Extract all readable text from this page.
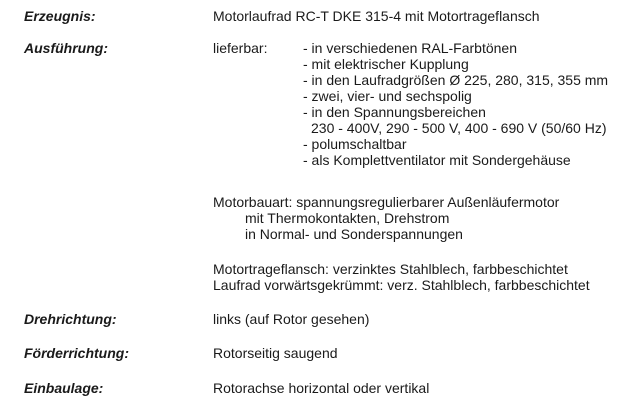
Erzeugnis:	Motorlaufrad RC-T DKE 315-4 mit Motortrageflansch
Ausführung:	lieferbar:	- in verschiedenen RAL-Farbtönen
- mit elektrischer Kupplung
- in den Laufradgrößen Ø 225, 280, 315, 355 mm
- zwei, vier- und sechspolig
- in den Spannungsbereichen
230 - 400V, 290 - 500 V, 400 - 690 V (50/60 Hz)
- polumschaltbar
- als Komplettventilator mit Sondergehäuse
Motorbauart: spannungsregulierbarer Außenläufermotor
mit Thermokontakten, Drehstrom
in Normal- und Sonderspannungen
Motortrageflansch: verzinktes Stahlblech, farbbeschichtet
Laufrad vorwärtsgekrümmt: verz. Stahlblech, farbbeschichtet
Drehrichtung:	links (auf Rotor gesehen)
Förderrichtung:	Rotorseitig saugend
Einbaulage:	Rotorachse horizontal oder vertikal
